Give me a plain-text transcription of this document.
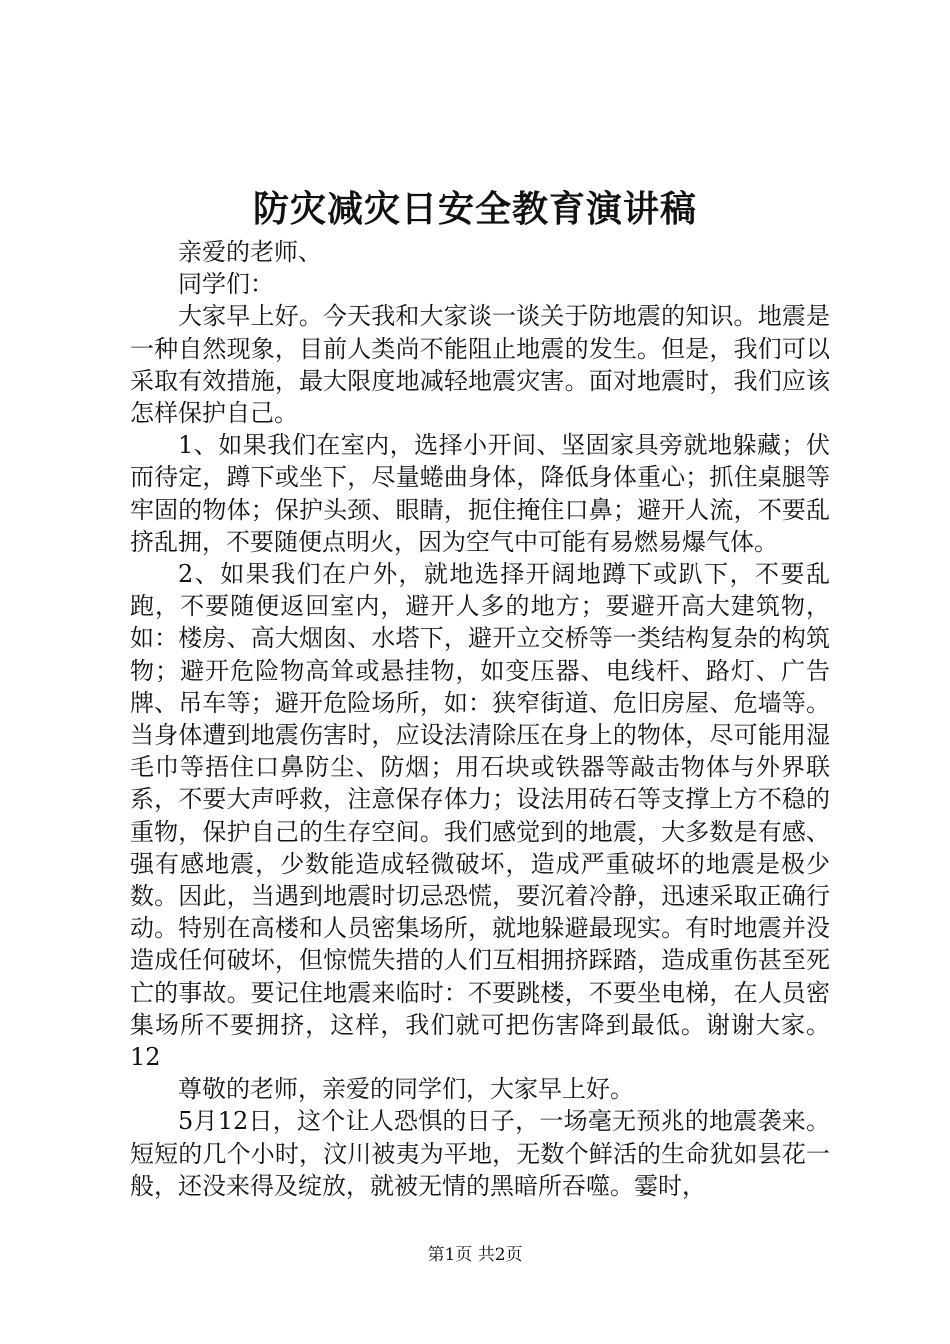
防灾减灾日安全教育演讲稿

亲爱的老师、

同学们：

大家早上好。今天我和大家谈一谈关于防地震的知识。地震是一种自然现象，目前人类尚不能阻止地震的发生。但是，我们可以采取有效措施，最大限度地减轻地震灾害。面对地震时，我们应该怎样保护自己。

1、如果我们在室内，选择小开间、坚固家具旁就地躲藏；伏而待定，蹲下或坐下，尽量蜷曲身体，降低身体重心；抓住桌腿等牢固的物体；保护头颈、眼睛，扼住掩住口鼻；避开人流，不要乱挤乱拥，不要随便点明火，因为空气中可能有易燃易爆气体。

2、如果我们在户外，就地选择开阔地蹲下或趴下，不要乱跑，不要随便返回室内，避开人多的地方；要避开高大建筑物，如：楼房、高大烟囱、水塔下，避开立交桥等一类结构复杂的构筑物；避开危险物高耸或悬挂物，如变压器、电线杆、路灯、广告牌、吊车等；避开危险场所，如：狭窄街道、危旧房屋、危墙等。当身体遭到地震伤害时，应设法清除压在身上的物体，尽可能用湿毛巾等捂住口鼻防尘、防烟；用石块或铁器等敲击物体与外界联系，不要大声呼救，注意保存体力；设法用砖石等支撑上方不稳的重物，保护自己的生存空间。我们感觉到的地震，大多数是有感、强有感地震，少数能造成轻微破坏，造成严重破坏的地震是极少数。因此，当遇到地震时切忌恐慌，要沉着冷静，迅速采取正确行动。特别在高楼和人员密集场所，就地躲避最现实。有时地震并没造成任何破坏，但惊慌失措的人们互相拥挤踩踏，造成重伤甚至死亡的事故。要记住地震来临时：不要跳楼，不要坐电梯，在人员密集场所不要拥挤，这样，我们就可把伤害降到最低。谢谢大家。12

尊敬的老师，亲爱的同学们，大家早上好。

5月12日，这个让人恐惧的日子，一场毫无预兆的地震袭来。短短的几个小时，汶川被夷为平地，无数个鲜活的生命犹如昙花一般，还没来得及绽放，就被无情的黑暗所吞噬。霎时，

第1页 共2页
